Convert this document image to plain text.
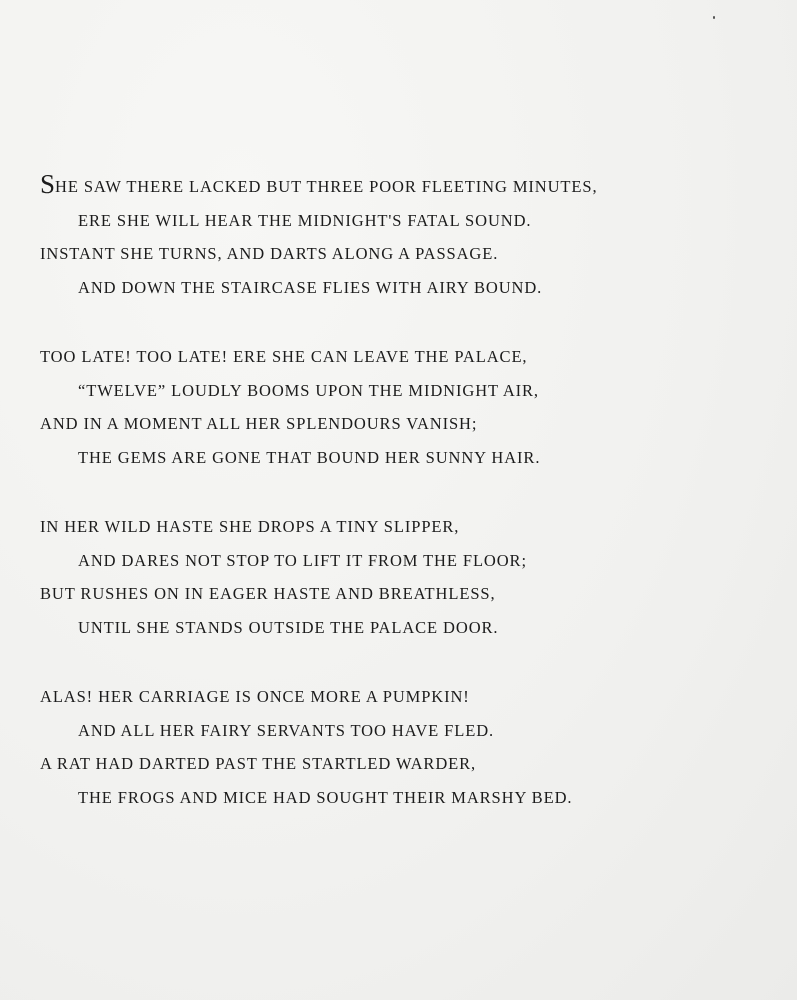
SHE SAW THERE LACKED BUT THREE POOR FLEETING MINUTES,
ERE SHE WILL HEAR THE MIDNIGHT'S FATAL SOUND.
INSTANT SHE TURNS, AND DARTS ALONG A PASSAGE.
AND DOWN THE STAIRCASE FLIES WITH AIRY BOUND.
TOO LATE! TOO LATE! ERE SHE CAN LEAVE THE PALACE,
“TWELVE” LOUDLY BOOMS UPON THE MIDNIGHT AIR,
AND IN A MOMENT ALL HER SPLENDOURS VANISH;
THE GEMS ARE GONE THAT BOUND HER SUNNY HAIR.
IN HER WILD HASTE SHE DROPS A TINY SLIPPER,
AND DARES NOT STOP TO LIFT IT FROM THE FLOOR;
BUT RUSHES ON IN EAGER HASTE AND BREATHLESS,
UNTIL SHE STANDS OUTSIDE THE PALACE DOOR.
ALAS! HER CARRIAGE IS ONCE MORE A PUMPKIN!
AND ALL HER FAIRY SERVANTS TOO HAVE FLED.
A RAT HAD DARTED PAST THE STARTLED WARDER,
THE FROGS AND MICE HAD SOUGHT THEIR MARSHY BED.
